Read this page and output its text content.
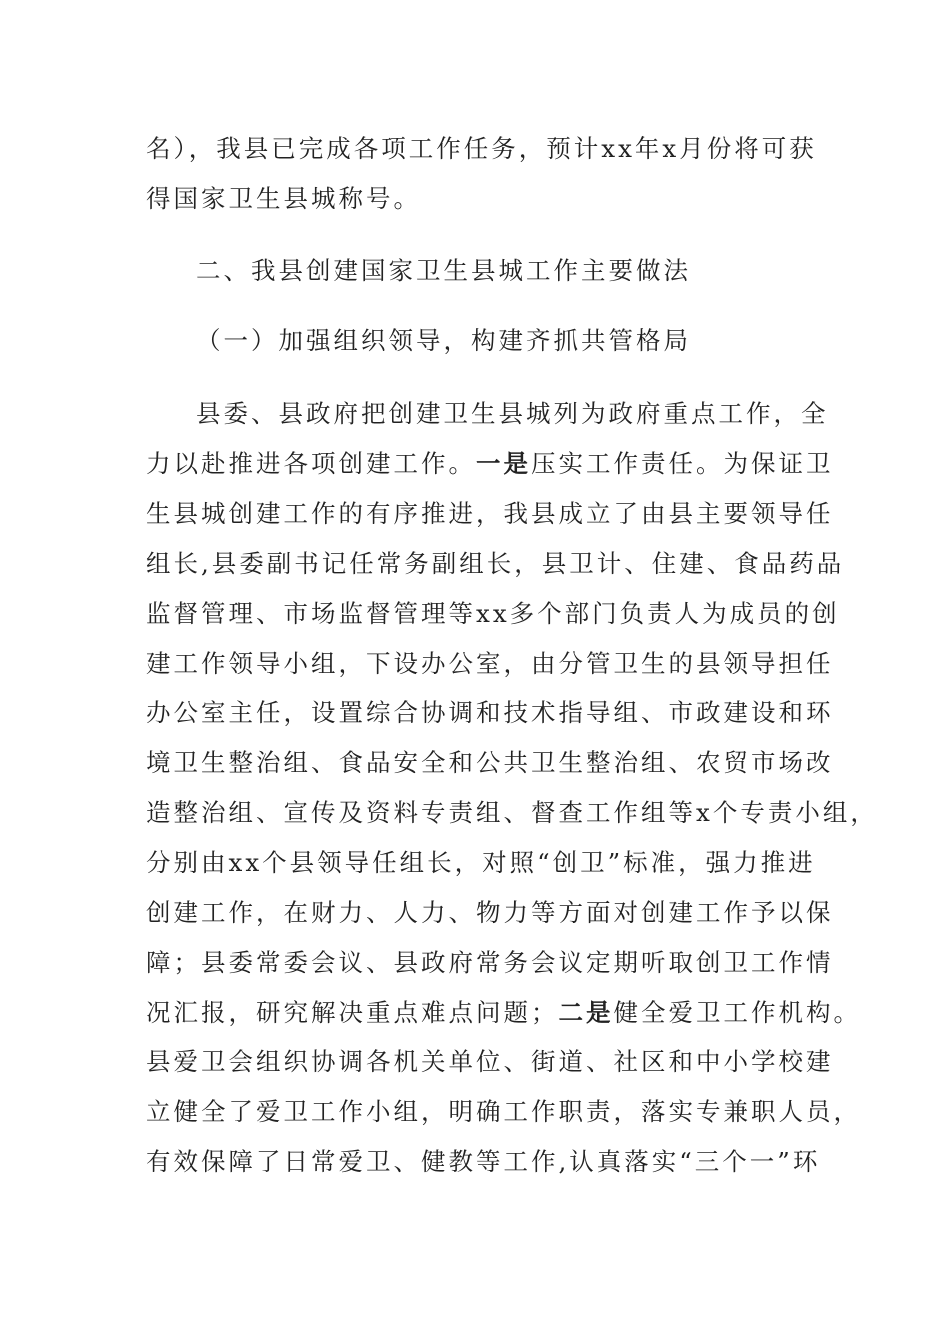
名），我县已完成各项工作任务，预计xx年x月份将可获
得国家卫生县城称号。
二、我县创建国家卫生县城工作主要做法
（一）加强组织领导，构建齐抓共管格局
县委、县政府把创建卫生县城列为政府重点工作，全
力以赴推进各项创建工作。一是压实工作责任。为保证卫
生县城创建工作的有序推进，我县成立了由县主要领导任
组长,县委副书记任常务副组长，县卫计、住建、食品药品
监督管理、市场监督管理等xx多个部门负责人为成员的创
建工作领导小组，下设办公室，由分管卫生的县领导担任
办公室主任，设置综合协调和技术指导组、市政建设和环
境卫生整治组、食品安全和公共卫生整治组、农贸市场改
造整治组、宣传及资料专责组、督查工作组等x个专责小组，
分别由xx个县领导任组长，对照“创卫”标准，强力推进
创建工作，在财力、人力、物力等方面对创建工作予以保
障；县委常委会议、县政府常务会议定期听取创卫工作情
况汇报，研究解决重点难点问题；二是健全爱卫工作机构。
县爱卫会组织协调各机关单位、街道、社区和中小学校建
立健全了爱卫工作小组，明确工作职责，落实专兼职人员，
有效保障了日常爱卫、健教等工作,认真落实“三个一”环
